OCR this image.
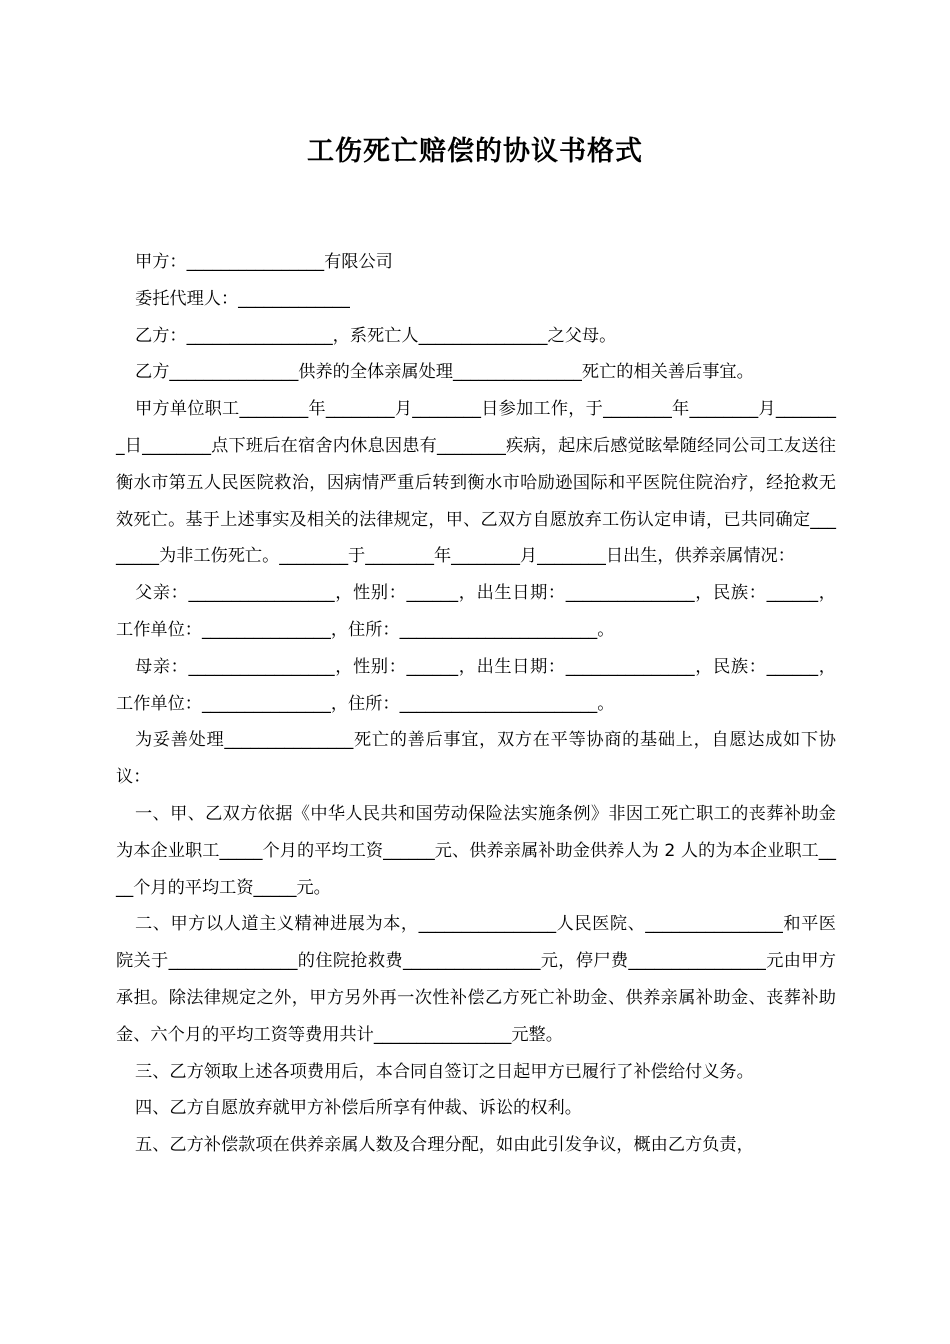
工伤死亡赔偿的协议书格式

甲方：________________有限公司

委托代理人：_____________

乙方：_________________，系死亡人_______________之父母。

乙方_______________供养的全体亲属处理_______________死亡的相关善后事宜。

甲方单位职工________年________月________日参加工作，于________年________月________日________点下班后在宿舍内休息因患有________疾病，起床后感觉眩晕随经同公司工友送往衡水市第五人民医院救治，因病情严重后转到衡水市哈励逊国际和平医院住院治疗，经抢救无效死亡。基于上述事实及相关的法律规定，甲、乙双方自愿放弃工伤认定申请，已共同确定________为非工伤死亡。________于________年________月________日出生，供养亲属情况：

父亲：_________________，性别：______，出生日期：_______________，民族：______，工作单位：_______________，住所：_______________________。

母亲：_________________，性别：______，出生日期：_______________，民族：______，工作单位：_______________，住所：_______________________。

为妥善处理_______________死亡的善后事宜，双方在平等协商的基础上，自愿达成如下协议：

一、甲、乙双方依据《中华人民共和国劳动保险法实施条例》非因工死亡职工的丧葬补助金为本企业职工_____个月的平均工资______元、供养亲属补助金供养人为 2 人的为本企业职工____个月的平均工资_____元。

二、甲方以人道主义精神进展为本，________________人民医院、________________和平医院关于_______________的住院抢救费________________元，停尸费________________元由甲方承担。除法律规定之外，甲方另外再一次性补偿乙方死亡补助金、供养亲属补助金、丧葬补助金、六个月的平均工资等费用共计________________元整。

三、乙方领取上述各项费用后，本合同自签订之日起甲方已履行了补偿给付义务。

四、乙方自愿放弃就甲方补偿后所享有仲裁、诉讼的权利。

五、乙方补偿款项在供养亲属人数及合理分配，如由此引发争议，概由乙方负责，
